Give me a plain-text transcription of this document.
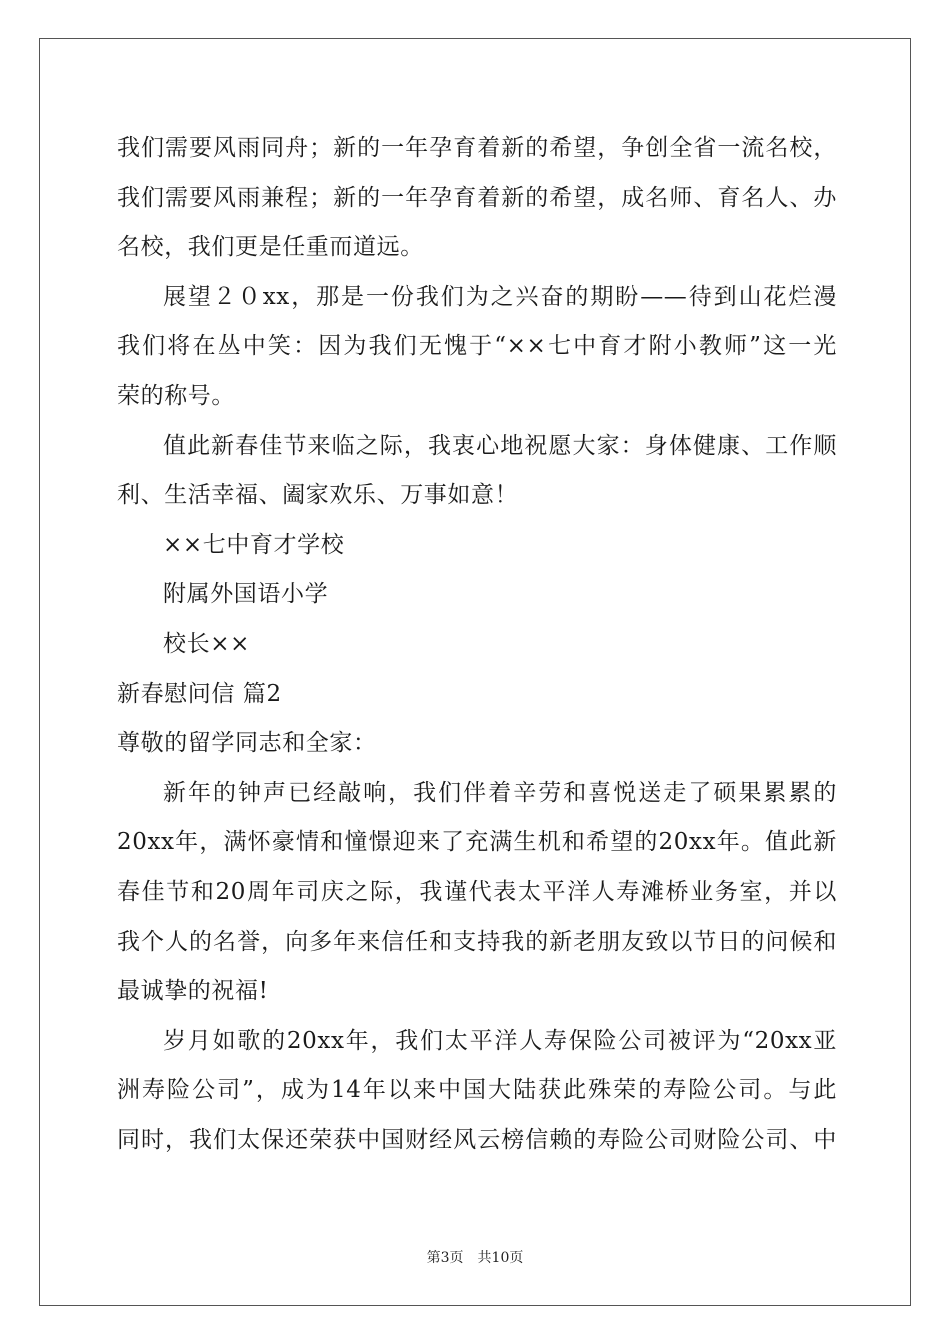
我们需要风雨同舟；新的一年孕育着新的希望，争创全省一流名校，
我们需要风雨兼程；新的一年孕育着新的希望，成名师、育名人、办
名校，我们更是任重而道远。
展望２０xx，那是一份我们为之兴奋的期盼——待到山花烂漫
我们将在丛中笑：因为我们无愧于“××七中育才附小教师”这一光
荣的称号。
值此新春佳节来临之际，我衷心地祝愿大家：身体健康、工作顺
利、生活幸福、阖家欢乐、万事如意！
××七中育才学校
附属外国语小学
校长××
新春慰问信 篇2
尊敬的留学同志和全家：
新年的钟声已经敲响，我们伴着辛劳和喜悦送走了硕果累累的
20xx年，满怀豪情和憧憬迎来了充满生机和希望的20xx年。值此新
春佳节和20周年司庆之际，我谨代表太平洋人寿滩桥业务室，并以
我个人的名誉，向多年来信任和支持我的新老朋友致以节日的问候和
最诚挚的祝福!
岁月如歌的20xx年，我们太平洋人寿保险公司被评为“20xx亚
洲寿险公司”，成为14年以来中国大陆获此殊荣的寿险公司。与此
同时，我们太保还荣获中国财经风云榜信赖的寿险公司财险公司、中
第3页 共10页
